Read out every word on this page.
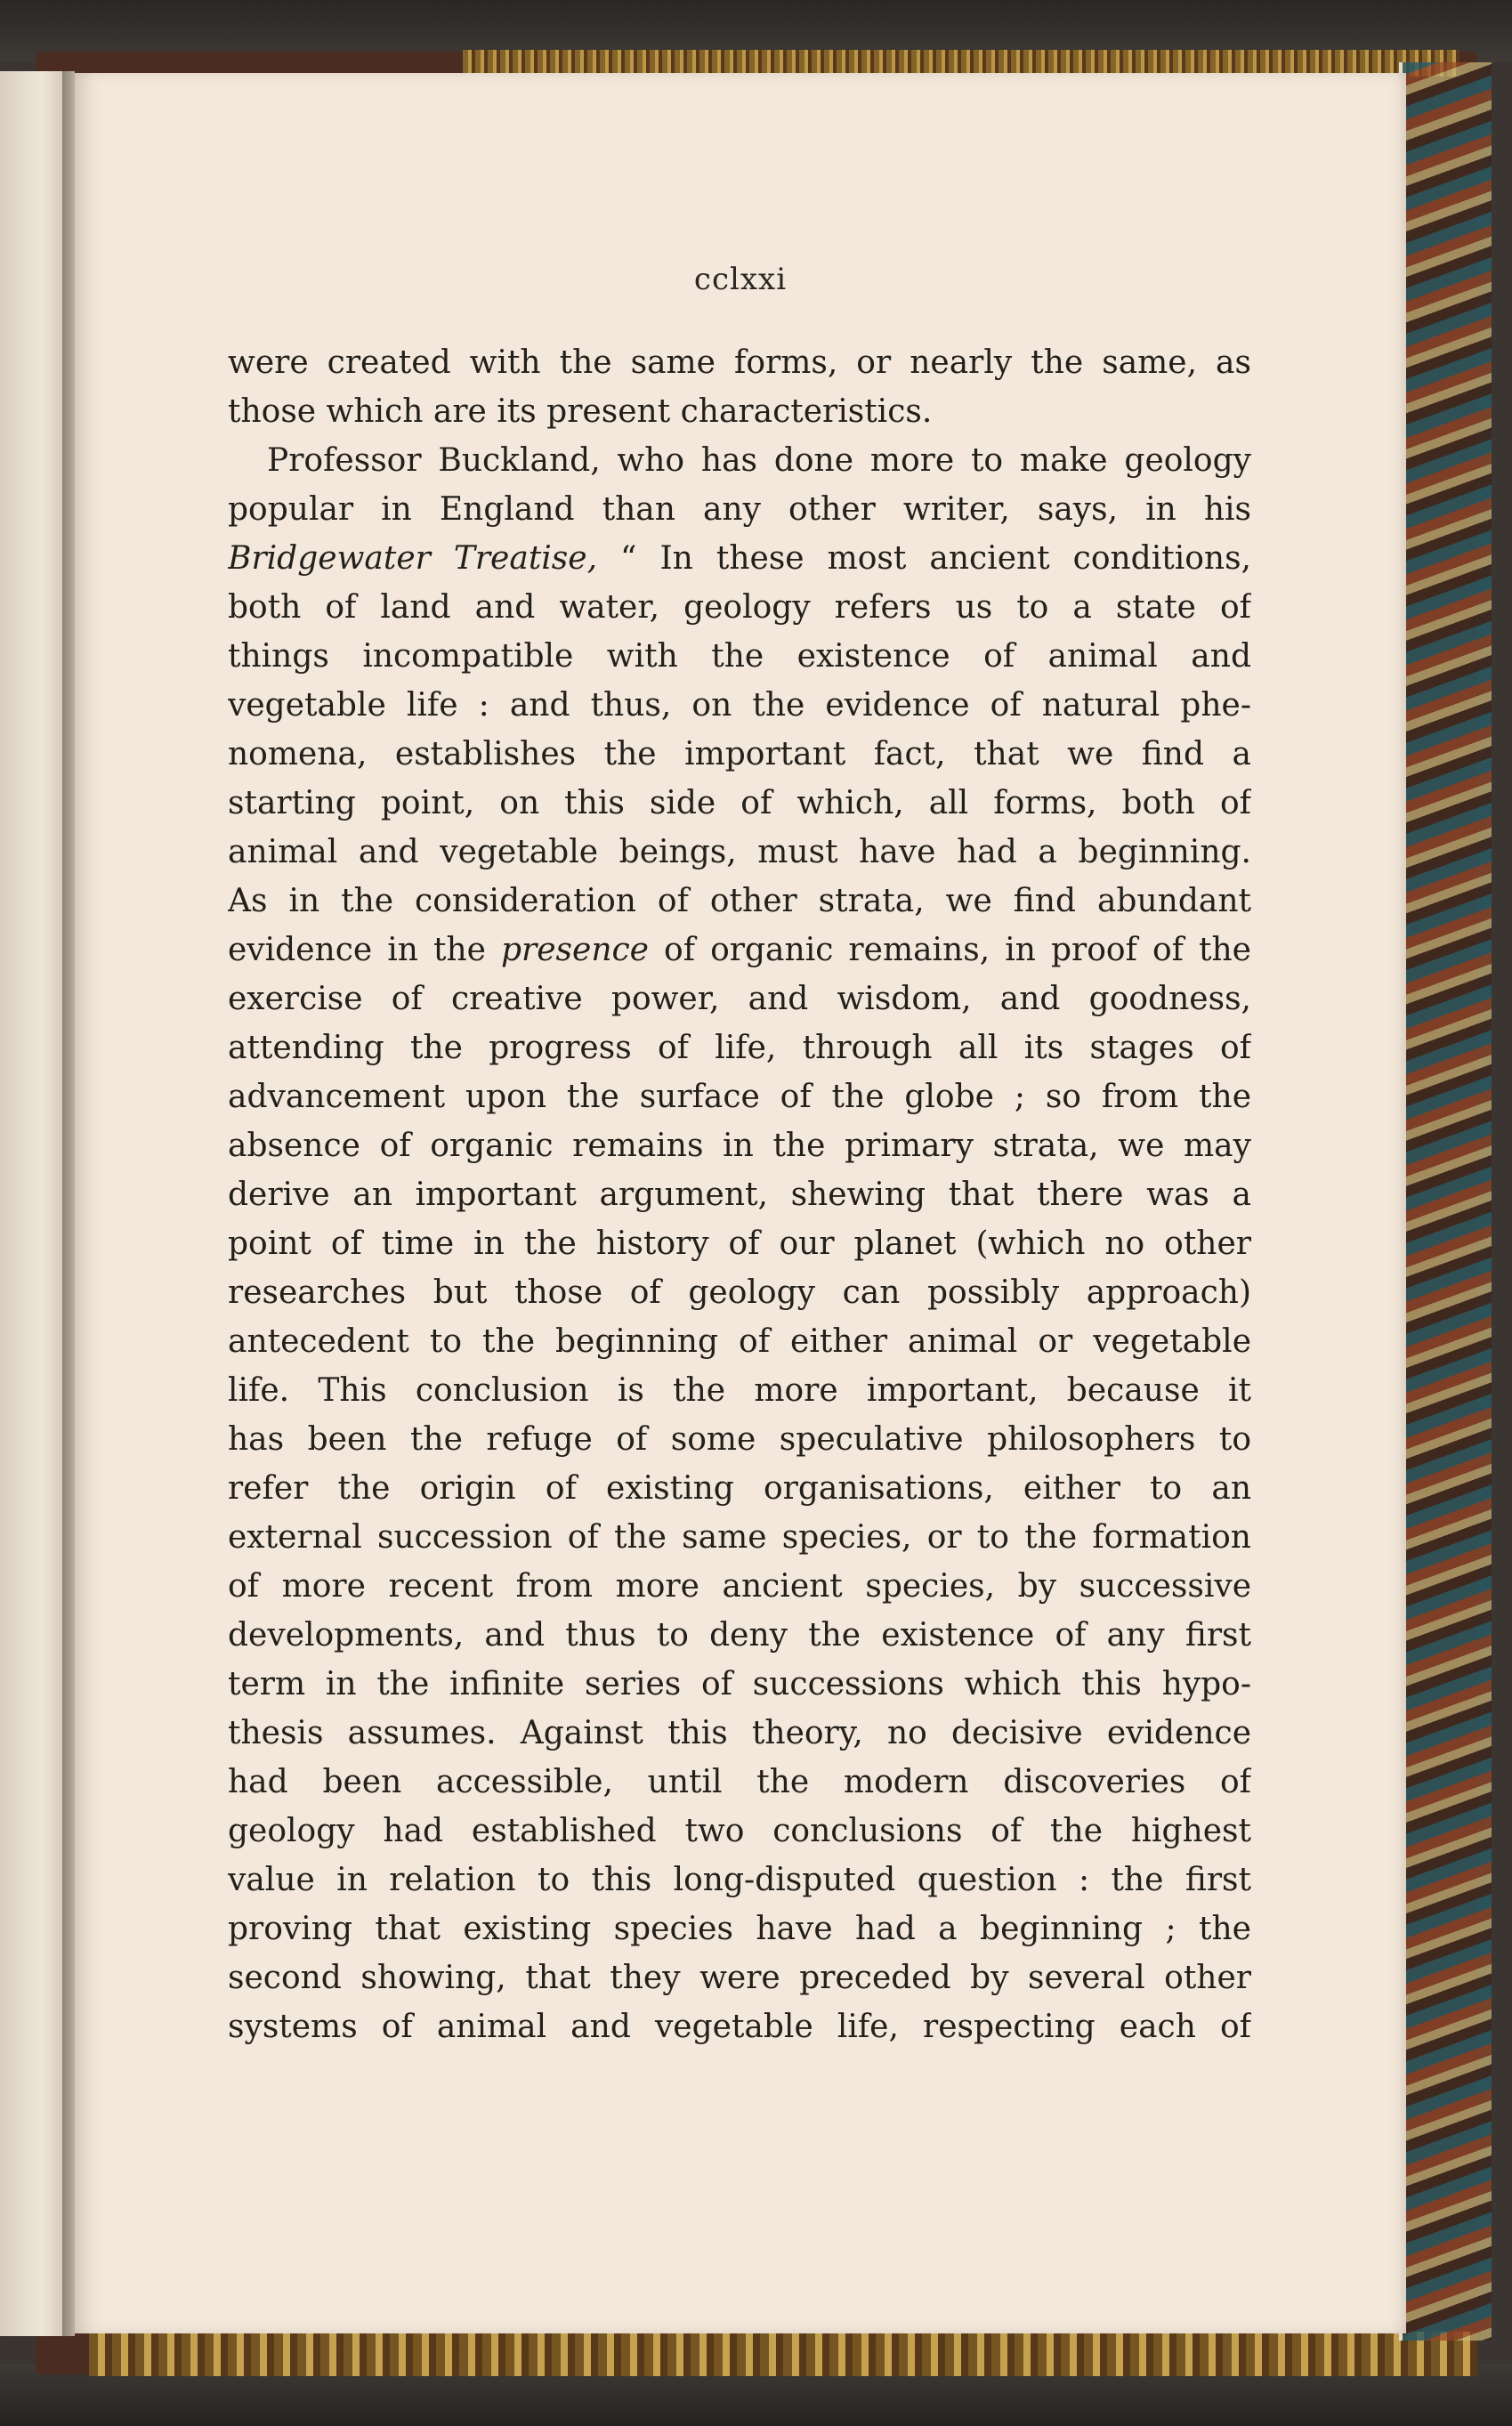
cclxxi
were created with the same forms, or nearly the same, as
those which are its present characteristics.
Professor Buckland, who has done more to make geology
popular in England than any other writer, says, in his
Bridgewater Treatise, “ In these most ancient conditions,
both of land and water, geology refers us to a state of
things incompatible with the existence of animal and
vegetable life : and thus, on the evidence of natural phe-
nomena, establishes the important fact, that we find a
starting point, on this side of which, all forms, both of
animal and vegetable beings, must have had a beginning.
As in the consideration of other strata, we find abundant
evidence in the presence of organic remains, in proof of the
exercise of creative power, and wisdom, and goodness,
attending the progress of life, through all its stages of
advancement upon the surface of the globe ; so from the
absence of organic remains in the primary strata, we may
derive an important argument, shewing that there was a
point of time in the history of our planet (which no other
researches but those of geology can possibly approach)
antecedent to the beginning of either animal or vegetable
life. This conclusion is the more important, because it
has been the refuge of some speculative philosophers to
refer the origin of existing organisations, either to an
external succession of the same species, or to the formation
of more recent from more ancient species, by successive
developments, and thus to deny the existence of any first
term in the infinite series of successions which this hypo-
thesis assumes. Against this theory, no decisive evidence
had been accessible, until the modern discoveries of
geology had established two conclusions of the highest
value in relation to this long-disputed question : the first
proving that existing species have had a beginning ; the
second showing, that they were preceded by several other
systems of animal and vegetable life, respecting each of
